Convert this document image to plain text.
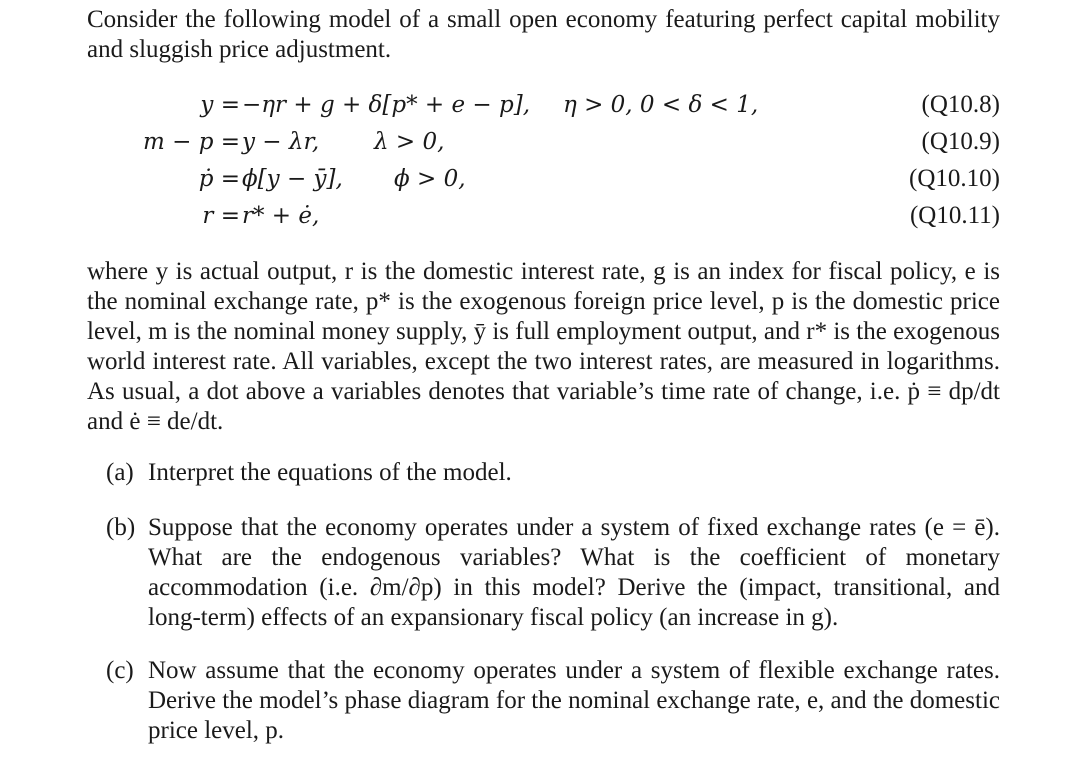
Consider the following model of a small open economy featuring perfect capital mobility and sluggish price adjustment.

y = −ηr + g + δ[p* + e − p], η > 0, 0 < δ < 1,	(Q10.8)
m − p = y − λr, λ > 0,	(Q10.9)
ṗ = ϕ[y − ȳ], ϕ > 0,	(Q10.10)
r = r* + ė,	(Q10.11)

where y is actual output, r is the domestic interest rate, g is an index for fiscal policy, e is the nominal exchange rate, p* is the exogenous foreign price level, p is the domestic price level, m is the nominal money supply, ȳ is full employment output, and r* is the exogenous world interest rate. All variables, except the two interest rates, are measured in logarithms. As usual, a dot above a variables denotes that variable’s time rate of change, i.e. ṗ ≡ dp/dt and ė ≡ de/dt.

(a) Interpret the equations of the model.
(b) Suppose that the economy operates under a system of fixed exchange rates (e = ē). What are the endogenous variables? What is the coefficient of monetary accommodation (i.e. ∂m/∂p) in this model? Derive the (impact, transitional, and long-term) effects of an expansionary fiscal policy (an increase in g).
(c) Now assume that the economy operates under a system of flexible exchange rates. Derive the model’s phase diagram for the nominal exchange rate, e, and the domestic price level, p.
